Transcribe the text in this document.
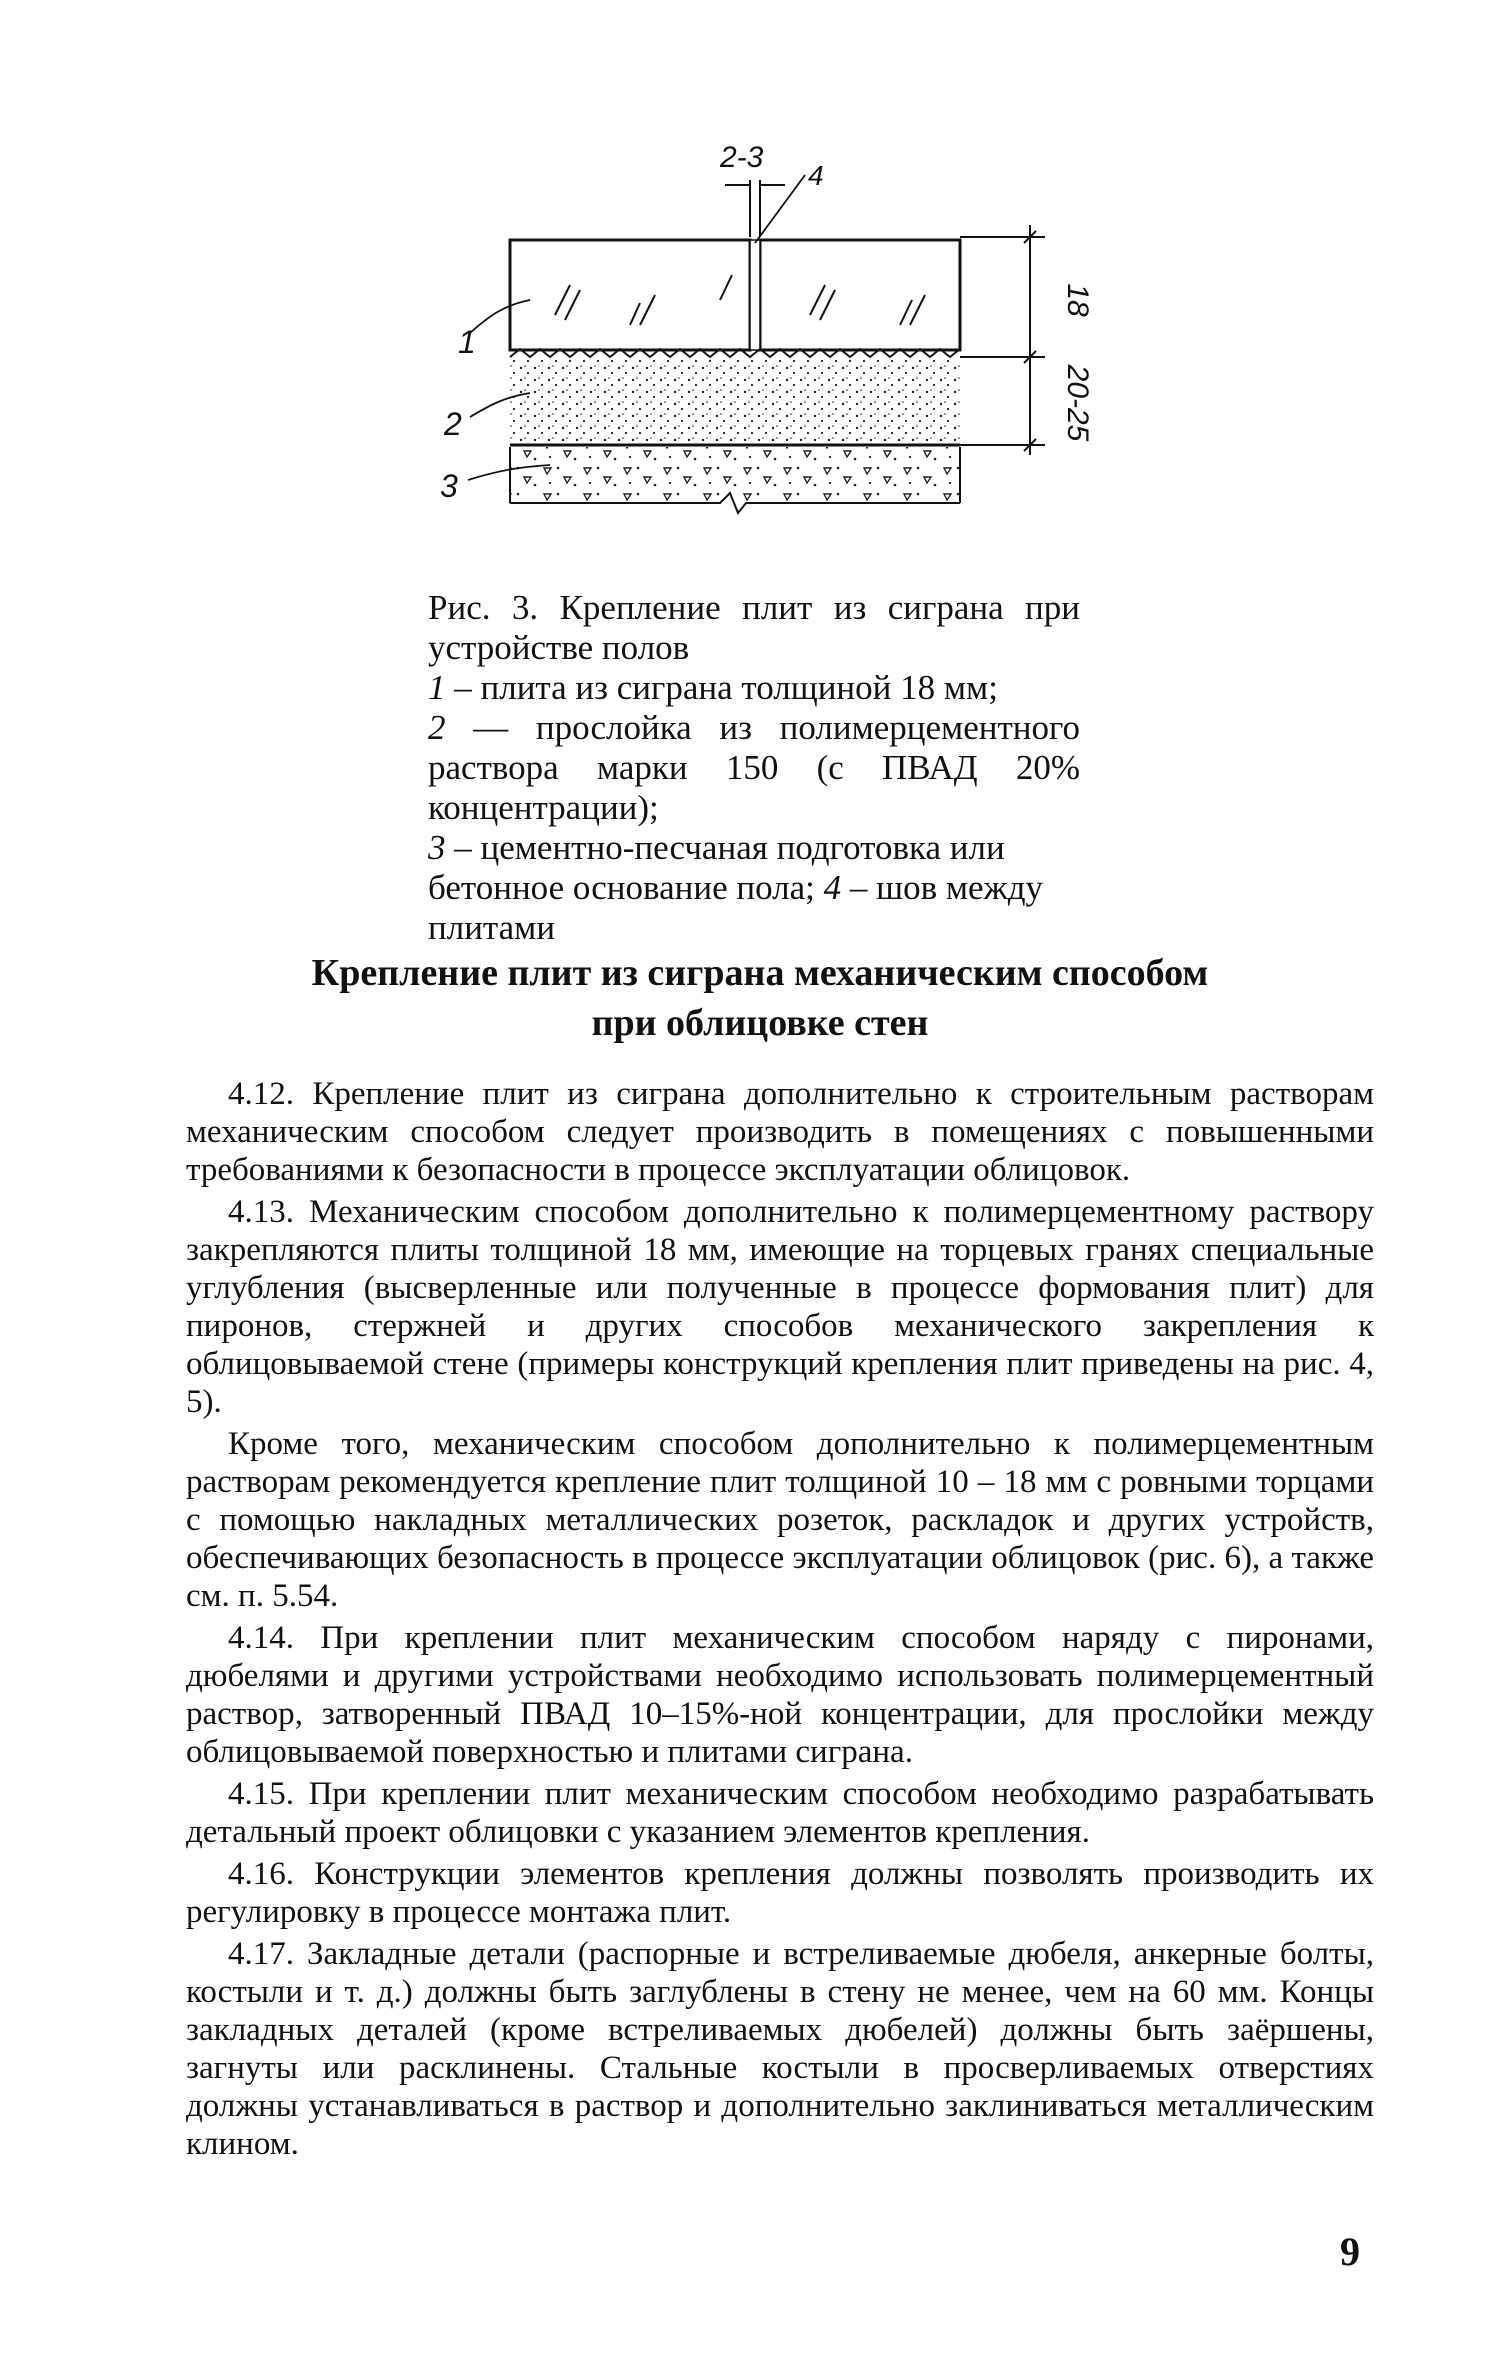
2-3
4
1
2
3
18
20-25
Рис. 3. Крепление плит из сиграна при устройстве полов
1 – плита из сиграна толщиной 18 мм;
2 — прослойка из полимерцементного раствора марки 150 (с ПВАД 20% концентрации);
3 – цементно-песчаная подготовка или бетонное основание пола; 4 – шов между плитами
Крепление плит из сиграна механическим способом
при облицовке стен

4.12. Крепление плит из сиграна дополнительно к строительным растворам механическим способом следует производить в помещениях с повышенными требованиями к безопасности в процессе эксплуатации облицовок.

4.13. Механическим способом дополнительно к полимерцементному раствору закрепляются плиты толщиной 18 мм, имеющие на торцевых гранях специальные углубления (высверленные или полученные в процессе формования плит) для пиронов, стержней и других способов механического закрепления к облицовываемой стене (примеры конструкций крепления плит приведены на рис. 4, 5).

Кроме того, механическим способом дополнительно к полимерцементным растворам рекомендуется крепление плит толщиной 10 – 18 мм с ровными торцами с помощью накладных металлических розеток, раскладок и других устройств, обеспечивающих безопасность в процессе эксплуатации облицовок (рис. 6), а также см. п. 5.54.

4.14. При креплении плит механическим способом наряду с пиронами, дюбелями и другими устройствами необходимо использовать полимерцементный раствор, затворенный ПВАД 10–15%-ной концентрации, для прослойки между облицовываемой поверхностью и плитами сиграна.

4.15. При креплении плит механическим способом необходимо разрабатывать детальный проект облицовки с указанием элементов крепления.

4.16. Конструкции элементов крепления должны позволять производить их регулировку в процессе монтажа плит.

4.17. Закладные детали (распорные и встреливаемые дюбеля, анкерные болты, костыли и т. д.) должны быть заглублены в стену не менее, чем на 60 мм. Концы закладных деталей (кроме встреливаемых дюбелей) должны быть заёршены, загнуты или расклинены. Стальные костыли в просверливаемых отверстиях должны устанавливаться в раствор и дополнительно заклиниваться металлическим клином.

9
